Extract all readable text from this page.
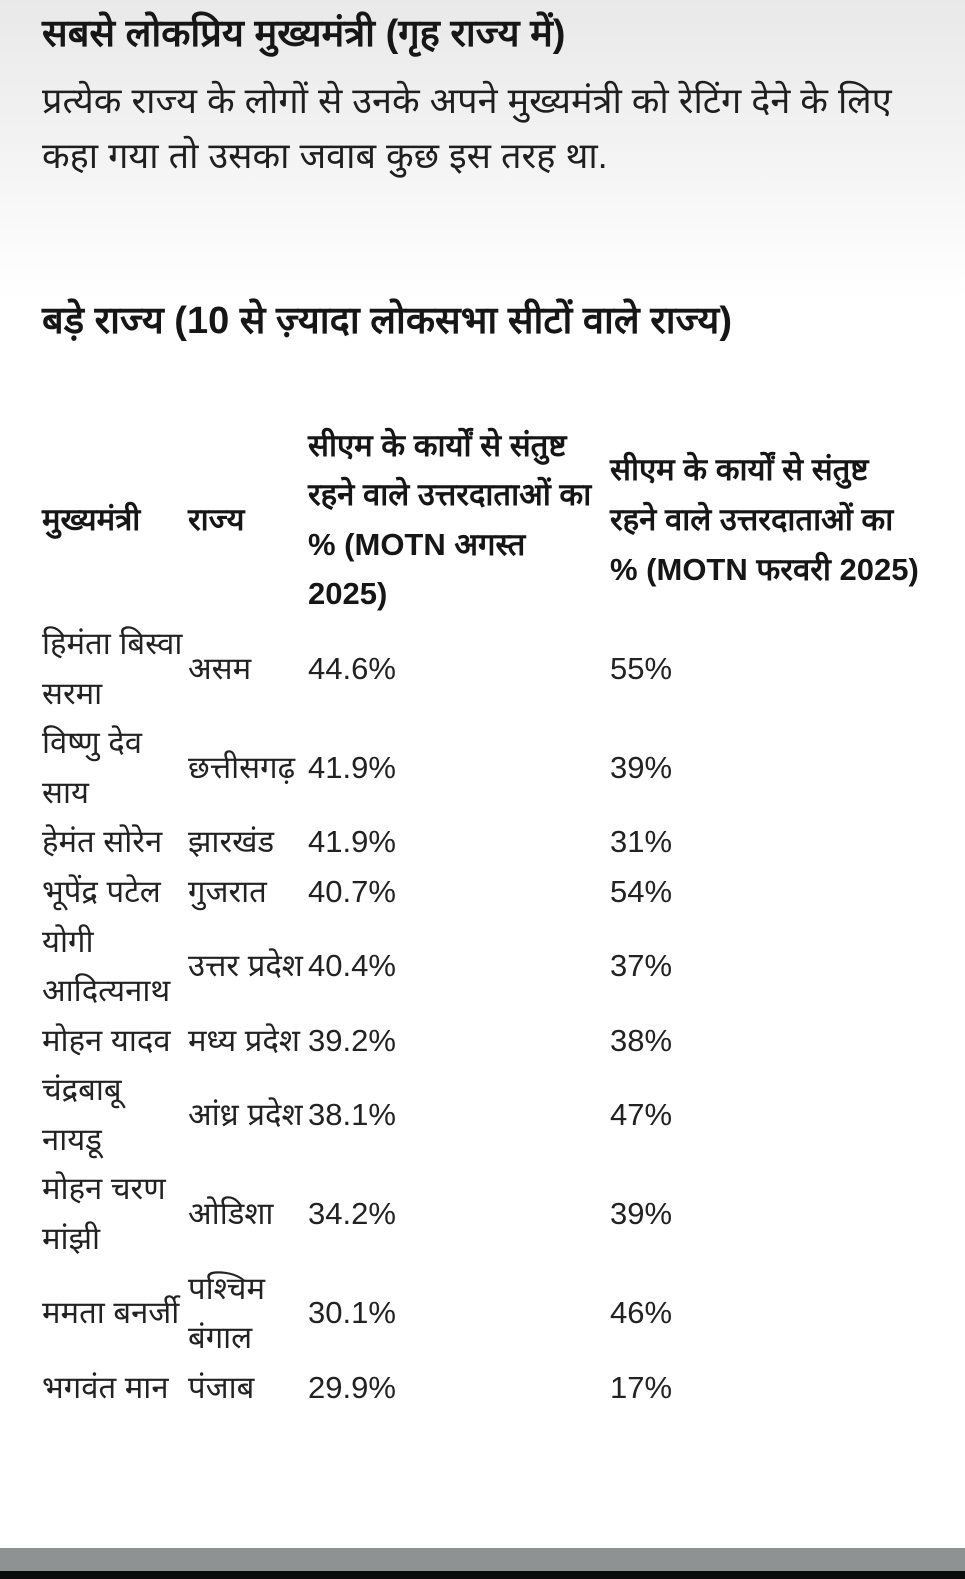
सबसे लोकप्रिय मुख्यमंत्री (गृह राज्य में)

प्रत्येक राज्य के लोगों से उनके अपने मुख्यमंत्री को रेटिंग देने के लिए कहा गया तो उसका जवाब कुछ इस तरह था.

बड़े राज्य (10 से ज़्यादा लोकसभा सीटों वाले राज्य)
मुख्यमंत्री	राज्य	सीएम के कार्यों से संतुष्ट रहने वाले उत्तरदाताओं का % (MOTN अगस्त 2025)	सीएम के कार्यों से संतुष्ट रहने वाले उत्तरदाताओं का % (MOTN फरवरी 2025)
हिमंता बिस्वा सरमा	असम	44.6%	55%
विष्णु देव साय	छत्तीसगढ़	41.9%	39%
हेमंत सोरेन	झारखंड	41.9%	31%
भूपेंद्र पटेल	गुजरात	40.7%	54%
योगी आदित्यनाथ	उत्तर प्रदेश	40.4%	37%
मोहन यादव	मध्य प्रदेश	39.2%	38%
चंद्रबाबू नायडू	आंध्र प्रदेश	38.1%	47%
मोहन चरण मांझी	ओडिशा	34.2%	39%
ममता बनर्जी	पश्चिम बंगाल	30.1%	46%
भगवंत मान	पंजाब	29.9%	17%
